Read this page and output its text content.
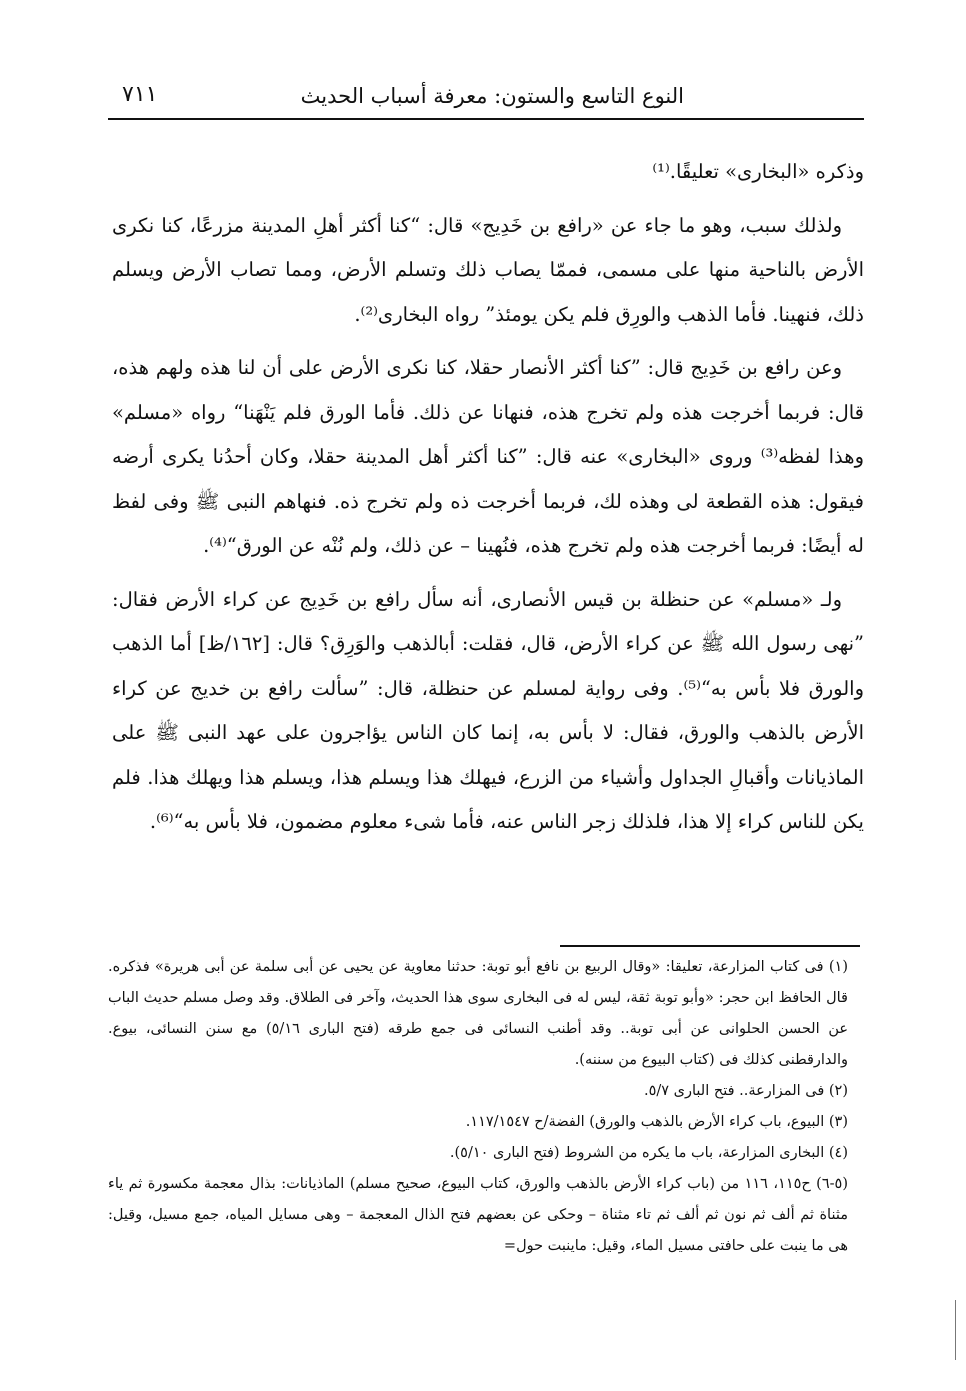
النوع التاسع والستون: معرفة أسباب الحديث
٧١١

وذكره «البخارى» تعليقًا.⁽¹⁾

ولذلك سبب، وهو ما جاء عن «رافع بن خَدِيج» قال: “كنا أكثر أهلِ المدينة مزرعًا، كنا نكرى الأرض بالناحية منها على مسمى، فممّا يصاب ذلك وتسلم الأرض، ومما تصاب الأرض ويسلم ذلك، فنهينا. فأما الذهب والورِق فلم يكن يومئذ” رواه البخارى⁽²⁾.

وعن رافع بن خَدِيج قال: ”كنا أكثر الأنصار حقلا، كنا نكرى الأرض على أن لنا هذه ولهم هذه، قال: فربما أخرجت هذه ولم تخرج هذه، فنهانا عن ذلك. فأما الورق فلم يَنْهَنا“ رواه «مسلم» وهذا لفظه⁽³⁾ وروى «البخارى» عنه قال: ”كنا أكثر أهل المدينة حقلا، وكان أحدُنا يكرى أرضه فيقول: هذه القطعة لى وهذه لك، فربما أخرجت ذه ولم تخرج ذه. فنهاهم النبى ﷺ وفى لفظ له أيضًا: فربما أخرجت هذه ولم تخرج هذه، فنُهينا – عن ذلك، ولم نُنْه عن الورق“⁽⁴⁾.

ولـ «مسلم» عن حنظلة بن قيس الأنصارى، أنه سأل رافع بن خَدِيج عن كراء الأرض فقال: ”نهى رسول الله ﷺ عن كراء الأرض، قال، فقلت: أبالذهب والوَرِق؟ قال: [١٦٢/ظ] أما الذهب والورق فلا بأس به“⁽⁵⁾. وفى رواية لمسلم عن حنظلة، قال: ”سألت رافع بن خديج عن كراء الأرض بالذهب والورق، فقال: لا بأس به، إنما كان الناس يؤاجرون على عهد النبى ﷺ على الماذيانات وأقبالِ الجداول وأشياء من الزرع، فيهلك هذا ويسلم هذا، ويسلم هذا ويهلك هذا. فلم يكن للناس كراء إلا هذا، فلذلك زجر الناس عنه، فأما شىء معلوم مضمون، فلا بأس به“⁽⁶⁾.

(١) فى كتاب المزارعة، تعليقا: «وقال الربيع بن نافع أبو توبة: حدثنا معاوية عن يحيى عن أبى سلمة عن أبى هريرة» فذكره. قال الحافظ ابن حجر: «وأبو توبة ثقة، ليس له فى البخارى سوى هذا الحديث، وآخر فى الطلاق. وقد وصل مسلم حديث الباب عن الحسن الحلوانى عن أبى توبة.. وقد أطنب النسائى فى جمع طرقه (فتح البارى ٥/١٦) مع سنن النسائى، بيوع. والدارقطنى كذلك فى (كتاب البيوع من سننه).

(٢) فى المزارعة.. فتح البارى ٥/٧.

(٣) البيوع، باب كراء الأرض بالذهب والورق) الفضة/ح ١١٧/١٥٤٧.

(٤) البخارى المزارعة، باب ما يكره من الشروط (فتح البارى ٥/١٠).

(٥-٦) ح١١٥، ١١٦ من (باب كراء الأرض بالذهب والورق، كتاب البيوع، صحيح مسلم) الماذيانات: بذال معجمة مكسورة ثم ياء مثناة ثم ألف ثم نون ثم ألف ثم تاء مثناة – وحكى عن بعضهم فتح الذال المعجمة – وهى مسايل المياه، جمع مسيل، وقيل: هى ما ينبت على حافتى مسيل الماء، وقيل: ماينبت حول=
